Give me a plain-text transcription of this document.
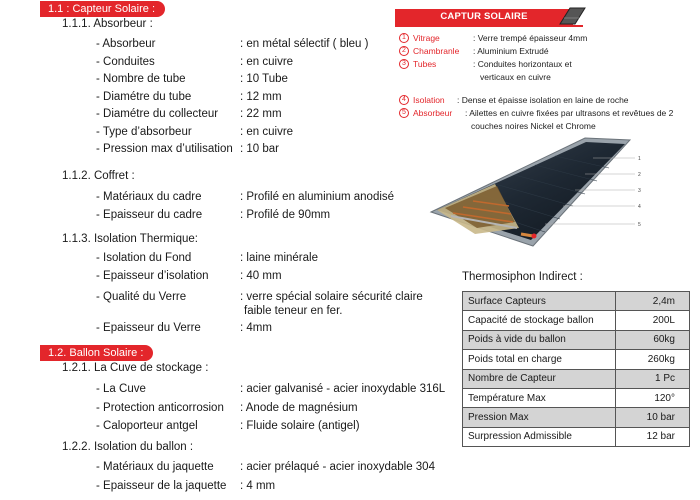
1.1 : Capteur Solaire :
1.1.1. Absorbeur :
- Absorbeur	: en métal sélectif ( bleu )
- Conduites	: en cuivre
- Nombre de tube	: 10 Tube
- Diamétre du tube	: 12 mm
- Diamétre du collecteur : 22 mm
- Type d’absorbeur	: en cuivre
- Pression max d’utilisation : 10 bar
1.1.2. Coffret :
- Matériaux du cadre	: Profilé en aluminium anodisé
- Epaisseur du cadre	: Profilé de 90mm
1.1.3. Isolation Thermique:
- Isolation du Fond	: laine minérale
- Epaisseur d’isolation	: 40 mm
- Qualité du Verre	: verre spécial solaire sécurité claire
faible teneur en fer.
- Epaisseur du Verre	: 4mm
1.2. Ballon Solaire :
1.2.1. La Cuve de stockage :
- La Cuve	: acier galvanisé - acier inoxydable 316L
- Protection anticorrosion : Anode de magnésium
- Caloporteur antgel	: Fluide solaire (antigel)
1.2.2. Isolation du ballon :
- Matériaux du jaquette : acier prélaqué - acier inoxydable 304
- Epaisseur de la jaquette : 4 mm
CAPTUR SOLAIRE
1 Vitrage	: Verre trempé épaisseur 4mm
2 Chambranle : Aluminium Extrudé
3 Tubes	: Conduites horizontaux et
verticaux en cuivre
4 Isolation : Dense et épaisse isolation en laine de roche
5 Absorbeur : Ailettes en cuivre fixées par ultrasons et revêtues de 2
couches noires Nickel et Chrome
1
2
3
4
5
Thermosiphon Indirect :
Surface Capteurs	2,4m
Capacité de stockage ballon	200L
Poids à vide du ballon	60kg
Poids total en charge	260kg
Nombre de Capteur	1 Pc
Température Max	120°
Pression Max	10 bar
Surpression Admissible	12 bar
